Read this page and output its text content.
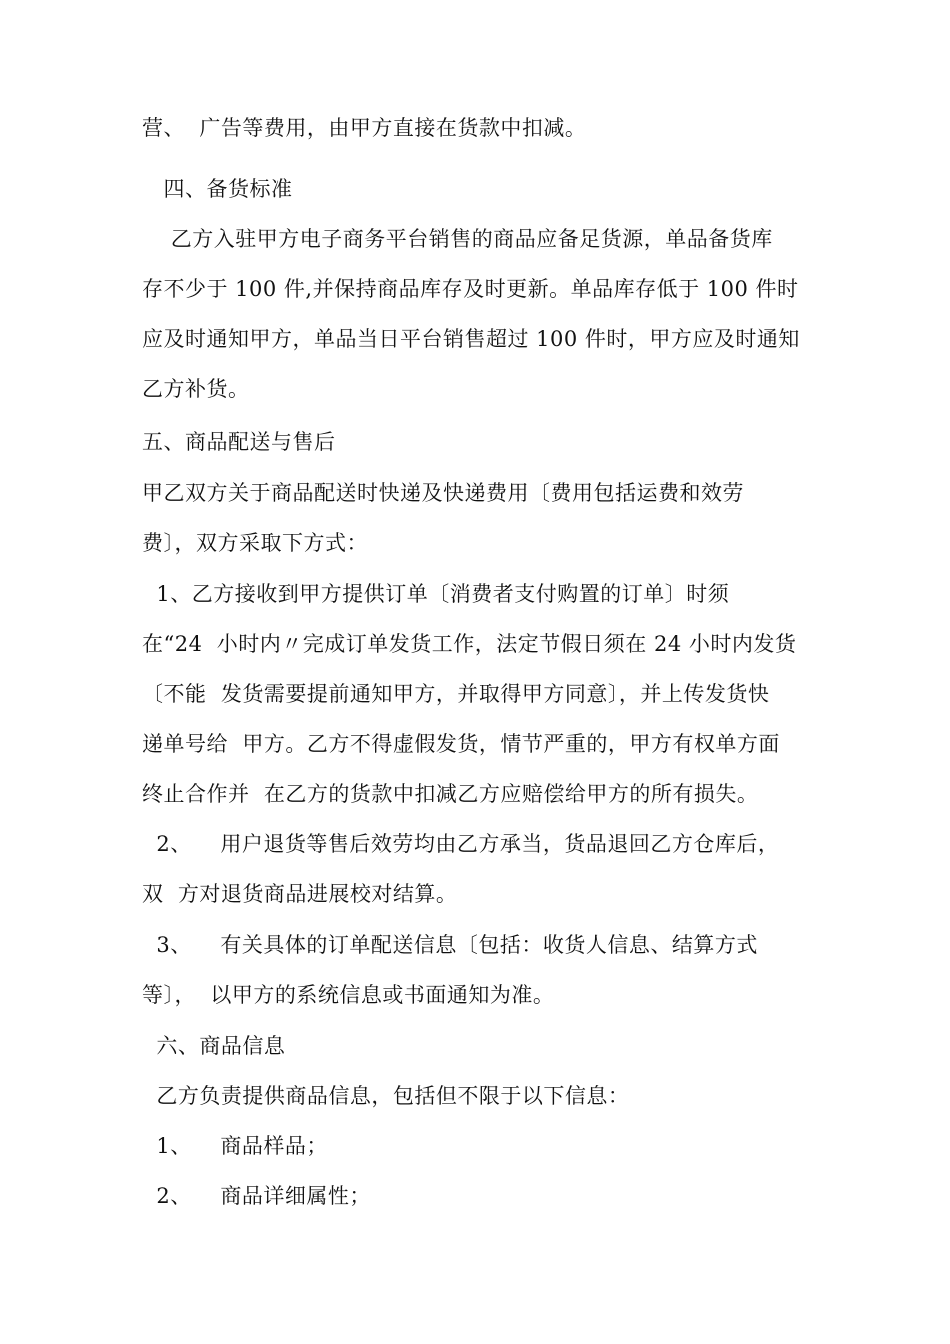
营、  广告等费用，由甲方直接在货款中扣减。
四、备货标准
乙方入驻甲方电子商务平台销售的商品应备足货源，单品备货库
存不少于 100 件,并保持商品库存及时更新。单品库存低于 100 件时
应及时通知甲方，单品当日平台销售超过 100 件时，甲方应及时通知
乙方补货。
五、商品配送与售后
甲乙双方关于商品配送时快递及快递费用〔费用包括运费和效劳
费〕，双方采取下方式：
1、乙方接收到甲方提供订单〔消费者支付购置的订单〕时须
在“24  小时内〃完成订单发货工作，法定节假日须在 24 小时内发货
〔不能  发货需要提前通知甲方，并取得甲方同意〕，并上传发货快
递单号给  甲方。乙方不得虚假发货，情节严重的，甲方有权单方面
终止合作并  在乙方的货款中扣减乙方应赔偿给甲方的所有损失。
2、    用户退货等售后效劳均由乙方承当，货品退回乙方仓库后，
双  方对退货商品进展校对结算。
3、    有关具体的订单配送信息〔包括：收货人信息、结算方式
等〕，  以甲方的系统信息或书面通知为准。
六、商品信息
乙方负责提供商品信息，包括但不限于以下信息：
1、    商品样品；
2、    商品详细属性；
